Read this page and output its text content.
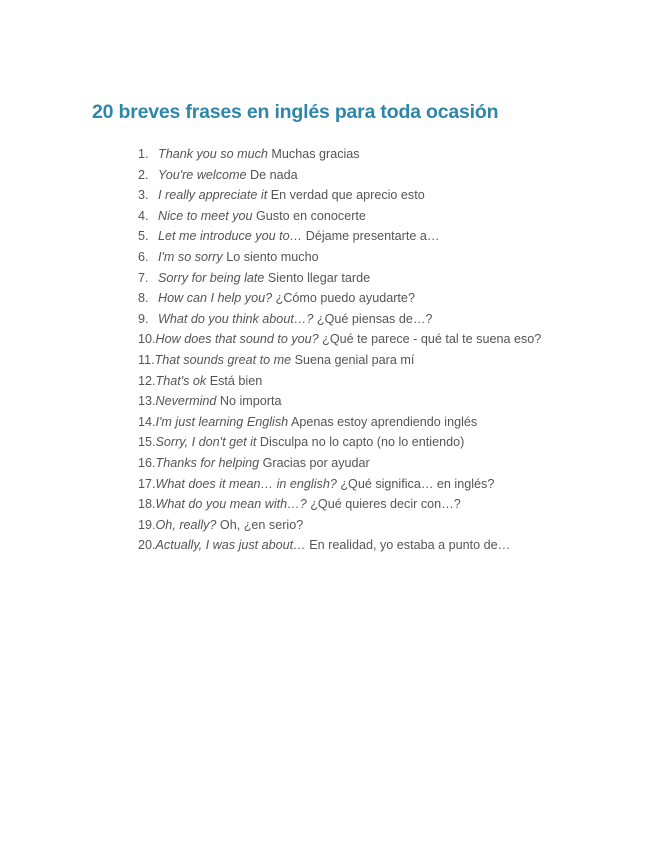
20 breves frases en inglés para toda ocasión
1. Thank you so much Muchas gracias
2. You're welcome De nada
3. I really appreciate it En verdad que aprecio esto
4. Nice to meet you Gusto en conocerte
5. Let me introduce you to… Déjame presentarte a…
6. I'm so sorry Lo siento mucho
7. Sorry for being late Siento llegar tarde
8. How can I help you? ¿Cómo puedo ayudarte?
9. What do you think about…? ¿Qué piensas de…?
10.How does that sound to you? ¿Qué te parece - qué tal te suena eso?
11.That sounds great to me Suena genial para mí
12.That's ok Está bien
13.Nevermind No importa
14.I'm just learning English Apenas estoy aprendiendo inglés
15.Sorry, I don't get it Disculpa no lo capto (no lo entiendo)
16.Thanks for helping Gracias por ayudar
17.What does it mean… in english? ¿Qué significa… en inglés?
18.What do you mean with…? ¿Qué quieres decir con…?
19.Oh, really? Oh, ¿en serio?
20.Actually, I was just about… En realidad, yo estaba a punto de…
